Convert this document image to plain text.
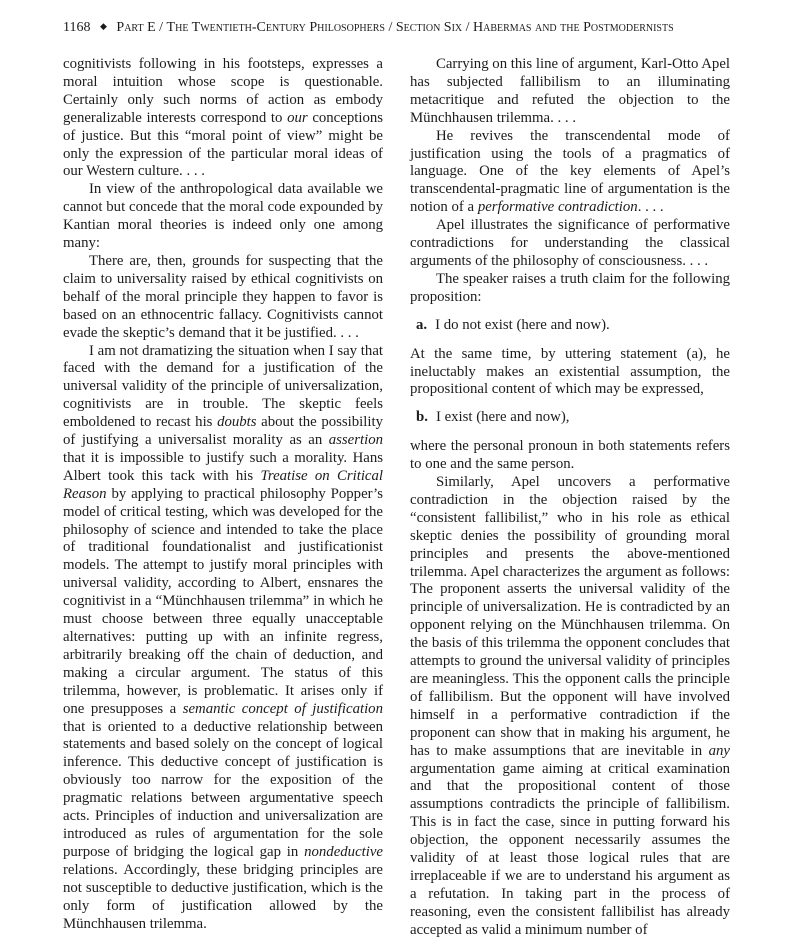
1168 ◆ Part E / The Twentieth-Century Philosophers / Section Six / Habermas and the Postmodernists

cognitivists following in his footsteps, expresses a moral intuition whose scope is questionable. Certainly only such norms of action as embody generalizable interests correspond to our conceptions of justice. But this “moral point of view” might be only the expression of the particular moral ideas of our Western culture. . . .

In view of the anthropological data available we cannot but concede that the moral code expounded by Kantian moral theories is indeed only one among many:

There are, then, grounds for suspecting that the claim to universality raised by ethical cognitivists on behalf of the moral principle they happen to favor is based on an ethnocentric fallacy. Cognitivists cannot evade the skeptic’s demand that it be justified. . . .

I am not dramatizing the situation when I say that faced with the demand for a justification of the universal validity of the principle of universalization, cognitivists are in trouble. The skeptic feels emboldened to recast his doubts about the possibility of justifying a universalist morality as an assertion that it is impossible to justify such a morality. Hans Albert took this tack with his Treatise on Critical Reason by applying to practical philosophy Popper’s model of critical testing, which was developed for the philosophy of science and intended to take the place of traditional foundationalist and justificationist models. The attempt to justify moral principles with universal validity, according to Albert, ensnares the cognitivist in a “Münchhausen trilemma” in which he must choose between three equally unacceptable alternatives: putting up with an infinite regress, arbitrarily breaking off the chain of deduction, and making a circular argument. The status of this trilemma, however, is problematic. It arises only if one presupposes a semantic concept of justification that is oriented to a deductive relationship between statements and based solely on the concept of logical inference. This deductive concept of justification is obviously too narrow for the exposition of the pragmatic relations between argumentative speech acts. Principles of induction and universalization are introduced as rules of argumentation for the sole purpose of bridging the logical gap in nondeductive relations. Accordingly, these bridging principles are not susceptible to deductive justification, which is the only form of justification allowed by the Münchhausen trilemma.

Carrying on this line of argument, Karl-Otto Apel has subjected fallibilism to an illuminating metacritique and refuted the objection to the Münchhausen trilemma. . . .

He revives the transcendental mode of justification using the tools of a pragmatics of language. One of the key elements of Apel’s transcendental-pragmatic line of argumentation is the notion of a performative contradiction. . . .

Apel illustrates the significance of performative contradictions for understanding the classical arguments of the philosophy of consciousness. . . .

The speaker raises a truth claim for the following proposition:

a. I do not exist (here and now).

At the same time, by uttering statement (a), he ineluctably makes an existential assumption, the propositional content of which may be expressed,

b. I exist (here and now),

where the personal pronoun in both statements refers to one and the same person.

Similarly, Apel uncovers a performative contradiction in the objection raised by the “consistent fallibilist,” who in his role as ethical skeptic denies the possibility of grounding moral principles and presents the above-mentioned trilemma. Apel characterizes the argument as follows: The proponent asserts the universal validity of the principle of universalization. He is contradicted by an opponent relying on the Münchhausen trilemma. On the basis of this trilemma the opponent concludes that attempts to ground the universal validity of principles are meaningless. This the opponent calls the principle of fallibilism. But the opponent will have involved himself in a performative contradiction if the proponent can show that in making his argument, he has to make assumptions that are inevitable in any argumentation game aiming at critical examination and that the propositional content of those assumptions contradicts the principle of fallibilism. This is in fact the case, since in putting forward his objection, the opponent necessarily assumes the validity of at least those logical rules that are irreplaceable if we are to understand his argument as a refutation. In taking part in the process of reasoning, even the consistent fallibilist has already accepted as valid a minimum number of
